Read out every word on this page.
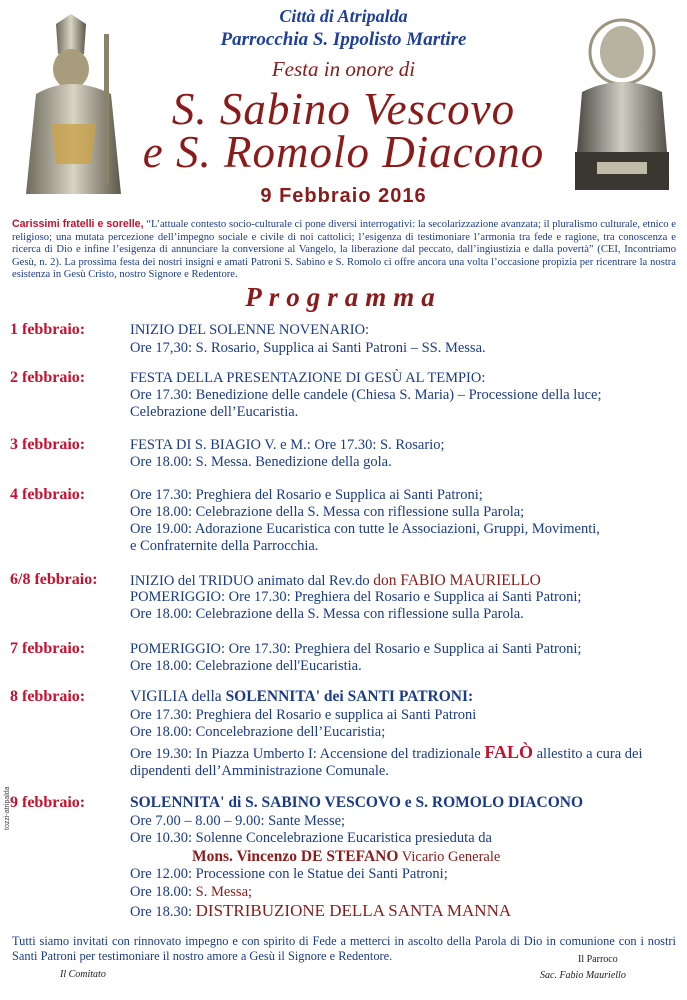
Città di Atripalda
Parrocchia S. Ippolisto Martire
Festa in onore di
S. Sabino Vescovo
e S. Romolo Diacono
9 Febbraio 2016
Carissimi fratelli e sorelle, “L’attuale contesto socio-culturale ci pone diversi interrogativi: la secolarizzazione avanzata; il pluralismo culturale, etnico e religioso; una mutata percezione dell’impegno sociale e civile di noi cattolici; l’esigenza di testimoniare l’armonia tra fede e ragione, tra conoscenza e ricerca di Dio e infine l’esigenza di annunciare la conversione al Vangelo, la liberazione dal peccato, dall’ingiustizia e dalla povertà” (CEI, Incontriamo Gesù, n. 2). La prossima festa dei nostri insigni e amati Patroni S. Sabino e S. Romolo ci offre ancora una volta l’occasione propizia per ricentrare la nostra esistenza in Gesù Cristo, nostro Signore e Redentore.
Programma
1 febbraio:	INIZIO DEL SOLENNE NOVENARIO:
Ore 17,30: S. Rosario, Supplica ai Santi Patroni – SS. Messa.
2 febbraio:	FESTA DELLA PRESENTAZIONE DI GESÙ AL TEMPIO:
Ore 17.30: Benedizione delle candele (Chiesa S. Maria) – Processione della luce;
Celebrazione dell’Eucaristia.
3 febbraio:	FESTA DI S. BIAGIO V. e M.: Ore 17.30: S. Rosario;
Ore 18.00: S. Messa. Benedizione della gola.
4 febbraio:	Ore 17.30: Preghiera del Rosario e Supplica ai Santi Patroni;
Ore 18.00: Celebrazione della S. Messa con riflessione sulla Parola;
Ore 19.00: Adorazione Eucaristica con tutte le Associazioni, Gruppi, Movimenti,
e Confraternite della Parrocchia.
6/8 febbraio: INIZIO del TRIDUO animato dal Rev.do don FABIO MAURIELLO
POMERIGGIO: Ore 17.30: Preghiera del Rosario e Supplica ai Santi Patroni;
Ore 18.00: Celebrazione della S. Messa con riflessione sulla Parola.
7 febbraio:	POMERIGGIO: Ore 17.30: Preghiera del Rosario e Supplica ai Santi Patroni;
Ore 18.00: Celebrazione dell'Eucaristia.
8 febbraio:	VIGILIA della SOLENNITA' dei SANTI PATRONI:
Ore 17.30: Preghiera del Rosario e supplica ai Santi Patroni
Ore 18.00: Concelebrazione dell’Eucaristia;
Ore 19.30: In Piazza Umberto I: Accensione del tradizionale FALÒ allestito a cura dei
dipendenti dell’Amministrazione Comunale.
9 febbraio:	SOLENNITA' di S. SABINO VESCOVO e S. ROMOLO DIACONO
Ore 7.00 – 8.00 – 9.00: Sante Messe;
Ore 10.30: Solenne Concelebrazione Eucaristica presieduta da
Mons. Vincenzo DE STEFANO Vicario Generale
Ore 12.00: Processione con le Statue dei Santi Patroni;
Ore 18.00: S. Messa;
Ore 18.30: DISTRIBUZIONE DELLA SANTA MANNA
tozzi-atripalda
Tutti siamo invitati con rinnovato impegno e con spirito di Fede a metterci in ascolto della Parola di Dio in comunione con i nostri Santi Patroni per testimoniare il nostro amore a Gesù il Signore e Redentore.
Il Comitato
Il Parroco
Sac. Fabio Mauriello
